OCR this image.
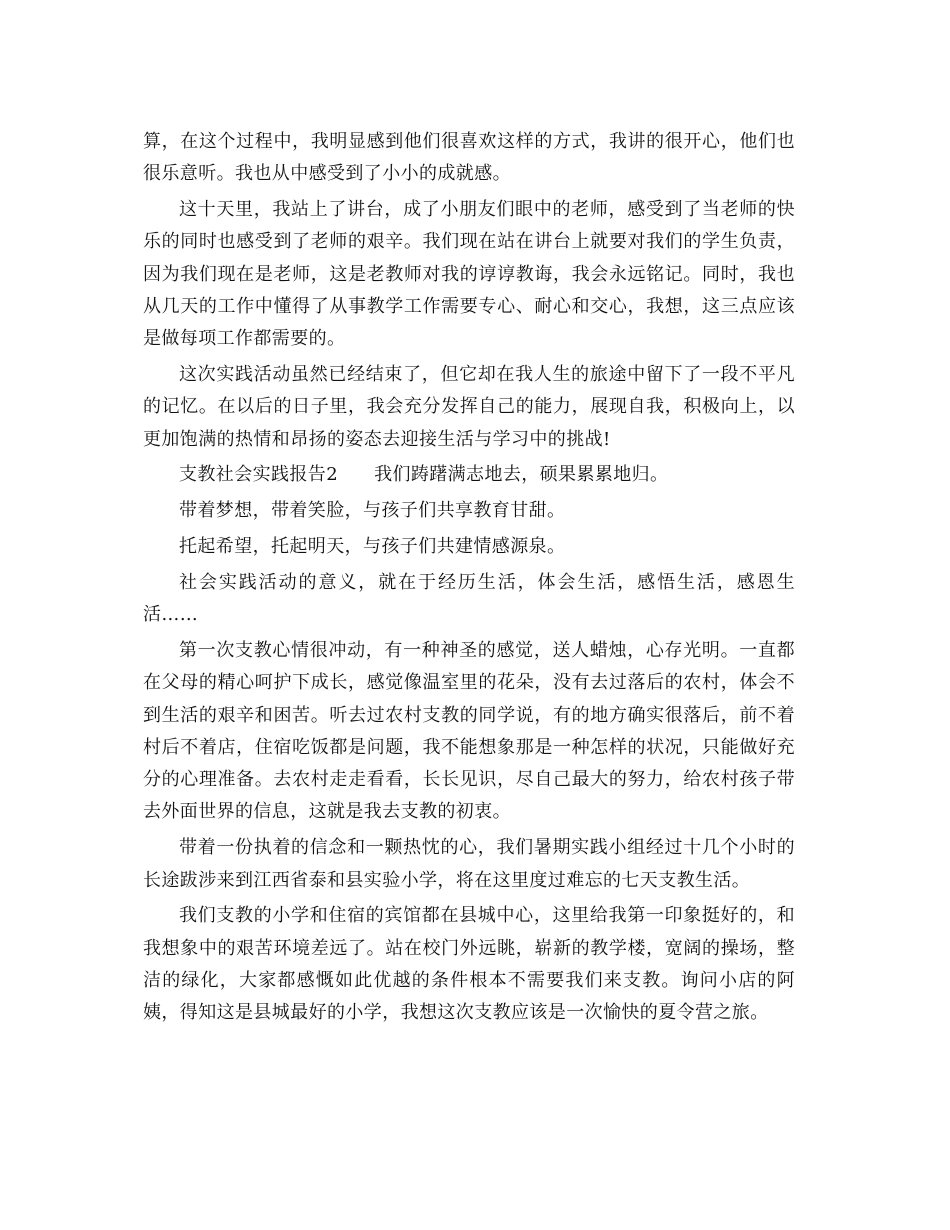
算，在这个过程中，我明显感到他们很喜欢这样的方式，我讲的很开心，他们也很乐意听。我也从中感受到了小小的成就感。

这十天里，我站上了讲台，成了小朋友们眼中的老师，感受到了当老师的快乐的同时也感受到了老师的艰辛。我们现在站在讲台上就要对我们的学生负责，因为我们现在是老师，这是老教师对我的谆谆教诲，我会永远铭记。同时，我也从几天的工作中懂得了从事教学工作需要专心、耐心和交心，我想，这三点应该是做每项工作都需要的。

这次实践活动虽然已经结束了，但它却在我人生的旅途中留下了一段不平凡的记忆。在以后的日子里，我会充分发挥自己的能力，展现自我，积极向上，以更加饱满的热情和昂扬的姿态去迎接生活与学习中的挑战!

支教社会实践报告2 我们踌躇满志地去，硕果累累地归。

带着梦想，带着笑脸，与孩子们共享教育甘甜。

托起希望，托起明天，与孩子们共建情感源泉。

社会实践活动的意义，就在于经历生活，体会生活，感悟生活，感恩生活……

第一次支教心情很冲动，有一种神圣的感觉，送人蜡烛，心存光明。一直都在父母的精心呵护下成长，感觉像温室里的花朵，没有去过落后的农村，体会不到生活的艰辛和困苦。听去过农村支教的同学说，有的地方确实很落后，前不着村后不着店，住宿吃饭都是问题，我不能想象那是一种怎样的状况，只能做好充分的心理准备。去农村走走看看，长长见识，尽自己最大的努力，给农村孩子带去外面世界的信息，这就是我去支教的初衷。

带着一份执着的信念和一颗热忱的心，我们暑期实践小组经过十几个小时的长途跋涉来到江西省泰和县实验小学，将在这里度过难忘的七天支教生活。

我们支教的小学和住宿的宾馆都在县城中心，这里给我第一印象挺好的，和我想象中的艰苦环境差远了。站在校门外远眺，崭新的教学楼，宽阔的操场，整洁的绿化，大家都感慨如此优越的条件根本不需要我们来支教。询问小店的阿姨，得知这是县城最好的小学，我想这次支教应该是一次愉快的夏令营之旅。
